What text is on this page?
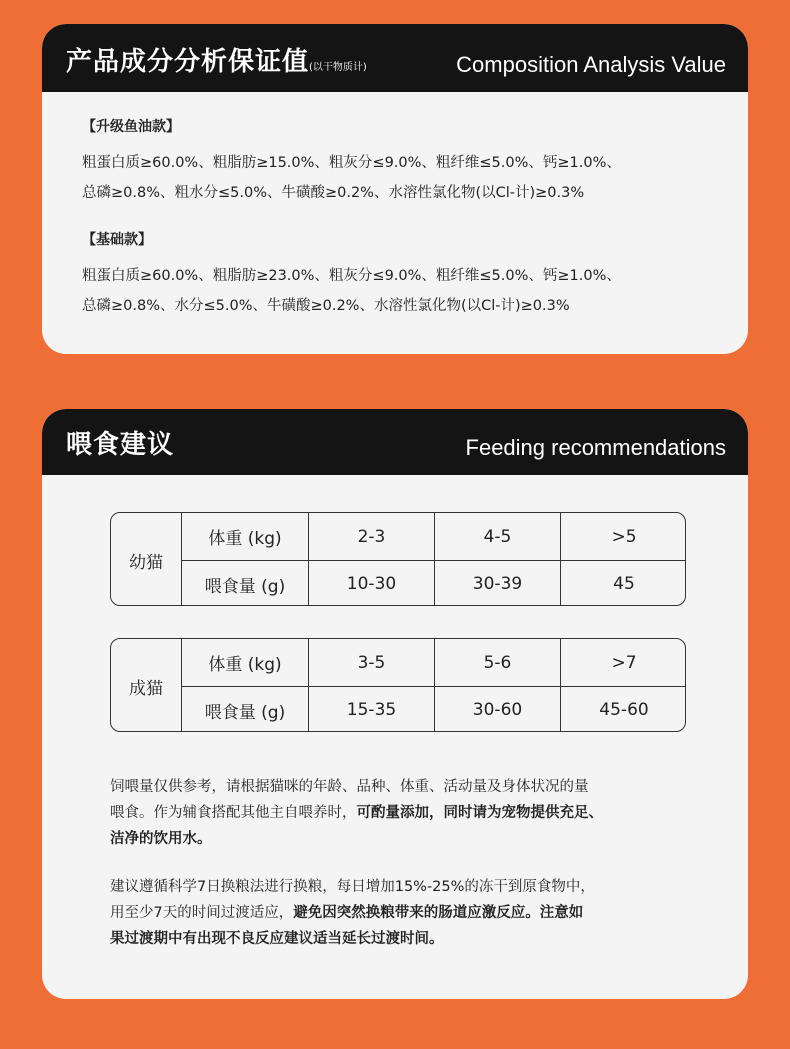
产品成分分析保证值(以干物质计)	Composition Analysis Value
【升级鱼油款】
粗蛋白质≥60.0%、粗脂肪≥15.0%、粗灰分≤9.0%、粗纤维≤5.0%、钙≥1.0%、
总磷≥0.8%、粗水分≤5.0%、牛磺酸≥0.2%、水溶性氯化物(以Cl-计)≥0.3%
【基础款】
粗蛋白质≥60.0%、粗脂肪≥23.0%、粗灰分≤9.0%、粗纤维≤5.0%、钙≥1.0%、
总磷≥0.8%、水分≤5.0%、牛磺酸≥0.2%、水溶性氯化物(以Cl-计)≥0.3%
喂食建议	Feeding recommendations
幼猫
体重 (kg)	2-3	4-5	>5
喂食量 (g)	10-30	30-39	45
成猫
体重 (kg)	3-5	5-6	>7
喂食量 (g)	15-35	30-60	45-60
饲喂量仅供参考，请根据猫咪的年龄、品种、体重、活动量及身体状况的量
喂食。作为辅食搭配其他主自喂养时，可酌量添加，同时请为宠物提供充足、
洁净的饮用水。
建议遵循科学7日换粮法进行换粮，每日增加15%-25%的冻干到原食物中，
用至少7天的时间过渡适应，避免因突然换粮带来的肠道应激反应。注意如
果过渡期中有出现不良反应建议适当延长过渡时间。
